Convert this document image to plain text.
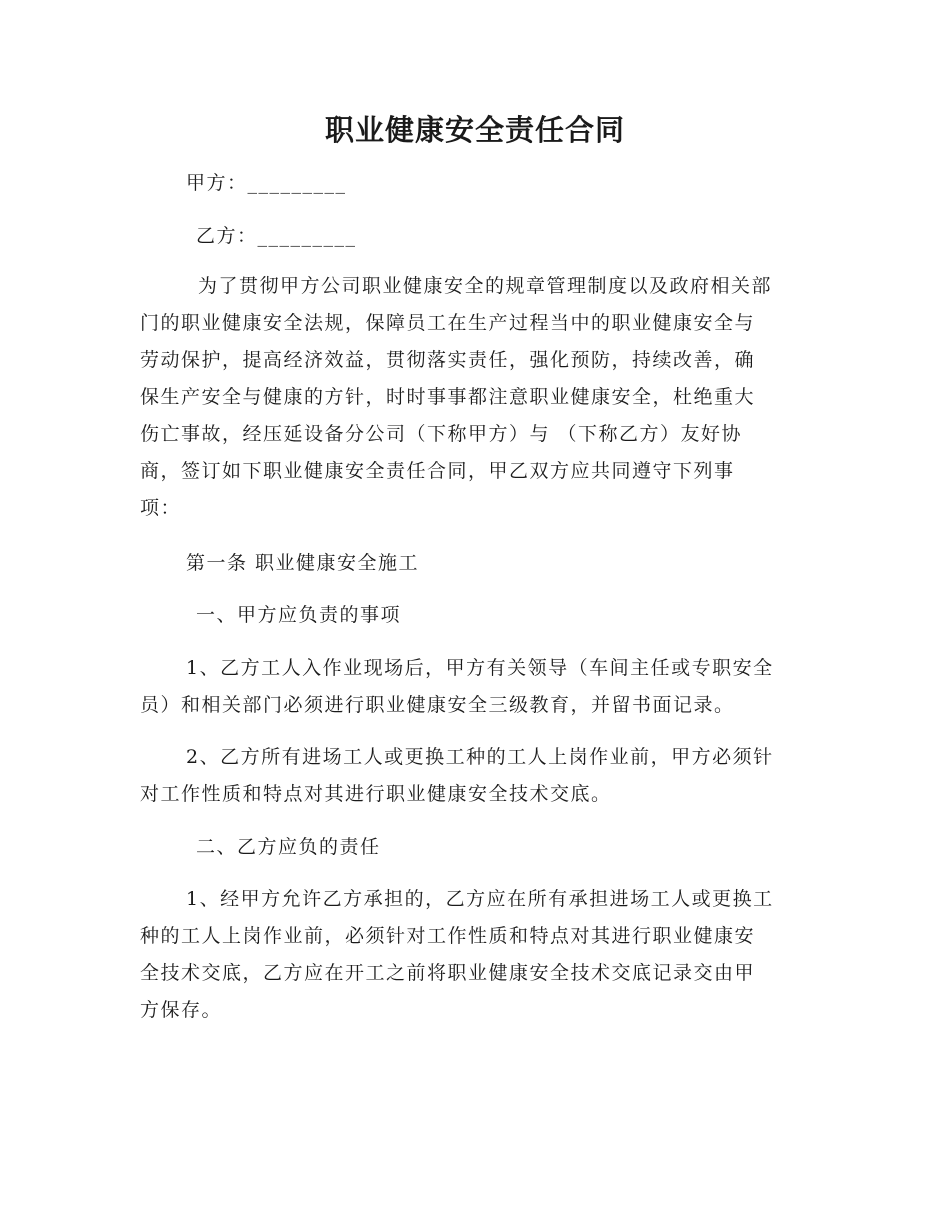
职业健康安全责任合同
甲方：_________
乙方：_________

为了贯彻甲方公司职业健康安全的规章管理制度以及政府相关部

门的职业健康安全法规，保障员工在生产过程当中的职业健康安全与

劳动保护，提高经济效益，贯彻落实责任，强化预防，持续改善，确

保生产安全与健康的方针，时时事事都注意职业健康安全，杜绝重大

伤亡事故，经压延设备分公司（下称甲方）与 （下称乙方）友好协

商，签订如下职业健康安全责任合同，甲乙双方应共同遵守下列事

项：

第一条 职业健康安全施工
一、甲方应负责的事项

1、乙方工人入作业现场后，甲方有关领导（车间主任或专职安全

员）和相关部门必须进行职业健康安全三级教育，并留书面记录。

2、乙方所有进场工人或更换工种的工人上岗作业前，甲方必须针

对工作性质和特点对其进行职业健康安全技术交底。

二、乙方应负的责任

1、经甲方允许乙方承担的，乙方应在所有承担进场工人或更换工

种的工人上岗作业前，必须针对工作性质和特点对其进行职业健康安

全技术交底，乙方应在开工之前将职业健康安全技术交底记录交由甲

方保存。
